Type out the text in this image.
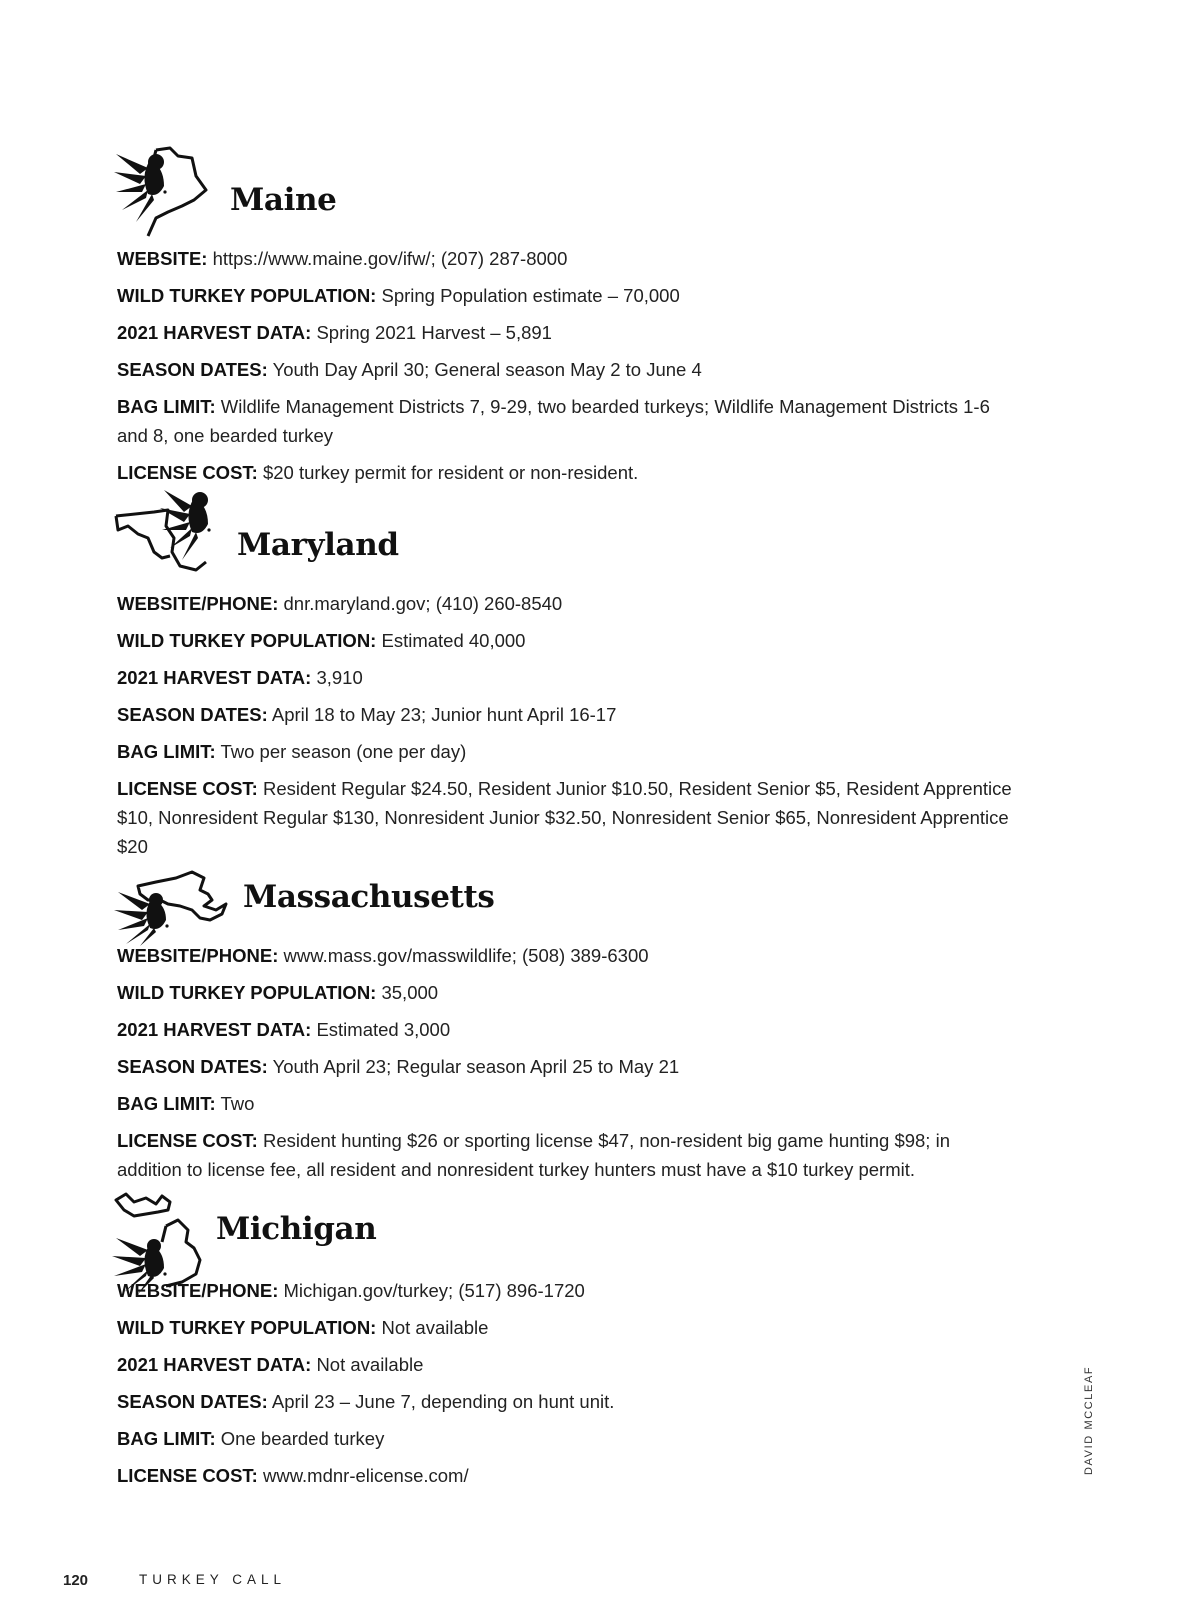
Maine

WEBSITE: https://www.maine.gov/ifw/; (207) 287-8000

WILD TURKEY POPULATION: Spring Population estimate – 70,000

2021 HARVEST DATA: Spring 2021 Harvest – 5,891

SEASON DATES: Youth Day April 30; General season May 2 to June 4

BAG LIMIT: Wildlife Management Districts 7, 9-29, two bearded turkeys; Wildlife Management Districts 1-6 and 8, one bearded turkey

LICENSE COST: $20 turkey permit for resident or non-resident.

Maryland

WEBSITE/PHONE: dnr.maryland.gov; (410) 260-8540

WILD TURKEY POPULATION: Estimated 40,000

2021 HARVEST DATA: 3,910

SEASON DATES: April 18 to May 23; Junior hunt April 16-17

BAG LIMIT: Two per season (one per day)

LICENSE COST: Resident Regular $24.50, Resident Junior $10.50, Resident Senior $5, Resident Apprentice $10, Nonresident Regular $130, Nonresident Junior $32.50, Nonresident Senior $65, Nonresident Apprentice $20

Massachusetts

WEBSITE/PHONE: www.mass.gov/masswildlife; (508) 389-6300

WILD TURKEY POPULATION: 35,000

2021 HARVEST DATA: Estimated 3,000

SEASON DATES: Youth April 23; Regular season April 25 to May 21

BAG LIMIT: Two

LICENSE COST: Resident hunting $26 or sporting license $47, non-resident big game hunting $98; in addition to license fee, all resident and nonresident turkey hunters must have a $10 turkey permit.

Michigan

WEBSITE/PHONE: Michigan.gov/turkey; (517) 896-1720

WILD TURKEY POPULATION: Not available

2021 HARVEST DATA: Not available

SEASON DATES: April 23 – June 7, depending on hunt unit.

BAG LIMIT: One bearded turkey

LICENSE COST: www.mdnr-elicense.com/

DAVID MCCLEAF
120	TURKEY CALL
